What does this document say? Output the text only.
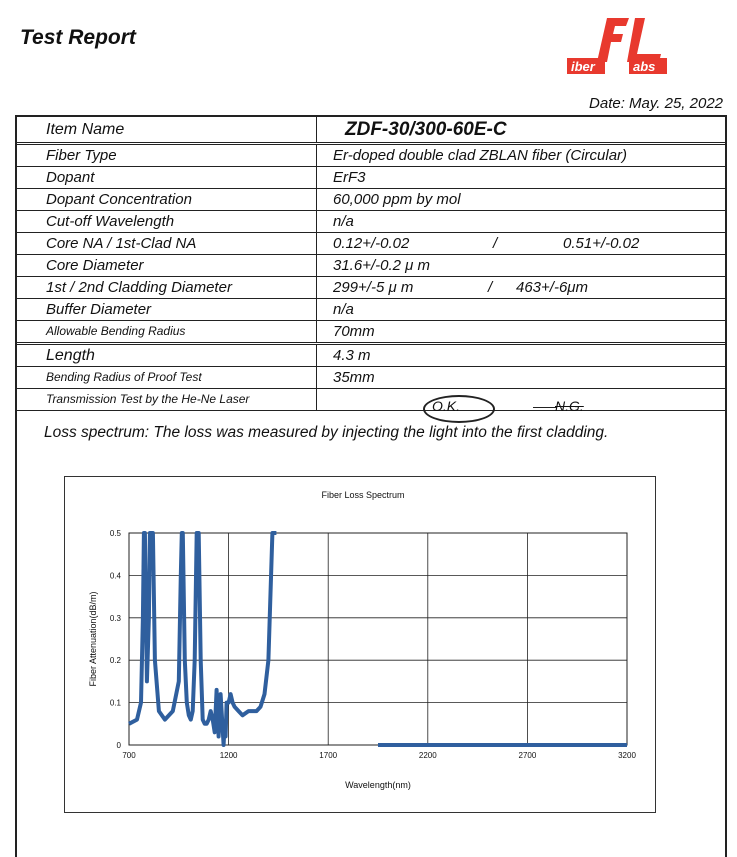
Test Report
iber	abs
Date: May. 25, 2022
Item Name	ZDF-30/300-60E-C
Fiber Type	Er-doped double clad ZBLAN fiber (Circular)
Dopant	ErF3
Dopant Concentration	60,000 ppm by mol
Cut-off Wavelength	n/a
Core NA / 1st-Clad NA	0.12+/-0.02 / 0.51+/-0.02
Core Diameter	31.6+/-0.2 μ m
1st / 2nd Cladding Diameter	299+/-5 μ m / 463+/-6μm
Buffer Diameter	n/a
Allowable Bending Radius	70mm
Length	4.3 m
Bending Radius of Proof Test	35mm
Transmission Test by the He-Ne Laser		O.K.	N.G.
Loss spectrum: The loss was measured by injecting the light into the first cladding.
Fiber Loss Spectrum
700	1200	1700	2200	2700	3200
0
0.1
0.2
0.3
0.4
0.5
Wavelength(nm)
Fiber Attenuation(dB/m)
